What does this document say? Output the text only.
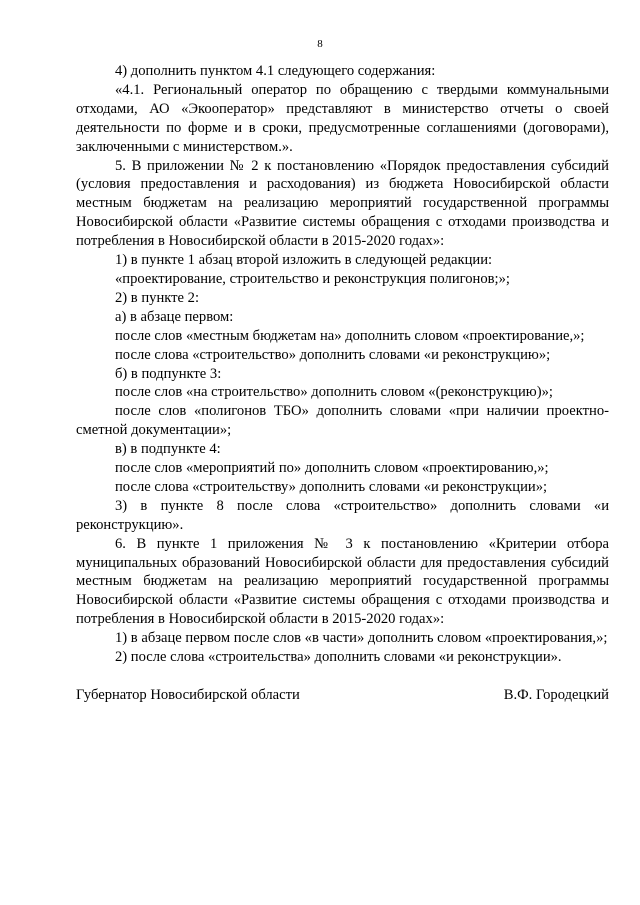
8

4) дополнить пунктом 4.1 следующего содержания:

«4.1. Региональный оператор по обращению с твердыми коммунальными отходами, АО «Экооператор» представляют в министерство отчеты о своей деятельности по форме и в сроки, предусмотренные соглашениями (договорами), заключенными с министерством.».

5. В приложении № 2 к постановлению «Порядок предоставления субсидий (условия предоставления и расходования) из бюджета Новосибирской области местным бюджетам на реализацию мероприятий государственной программы Новосибирской области «Развитие системы обращения с отходами производства и потребления в Новосибирской области в 2015-2020 годах»:

1) в пункте 1 абзац второй изложить в следующей редакции:

«проектирование, строительство и реконструкция полигонов;»;

2) в пункте 2:

а) в абзаце первом:

после слов «местным бюджетам на» дополнить словом «проектирование,»;

после слова «строительство» дополнить словами «и реконструкцию»;

б) в подпункте 3:

после слов «на строительство» дополнить словом «(реконструкцию)»;

после слов «полигонов ТБО» дополнить словами «при наличии проектно-сметной документации»;

в) в подпункте 4:

после слов «мероприятий по» дополнить словом «проектированию,»;

после слова «строительству» дополнить словами «и реконструкции»;

3) в пункте 8 после слова «строительство» дополнить словами «и реконструкцию».

6. В пункте 1 приложения № 3 к постановлению «Критерии отбора муниципальных образований Новосибирской области для предоставления субсидий местным бюджетам на реализацию мероприятий государственной программы Новосибирской области «Развитие системы обращения с отходами производства и потребления в Новосибирской области в 2015-2020 годах»:

1) в абзаце первом после слов «в части» дополнить словом «проектирования,»;

2) после слова «строительства» дополнить словами «и реконструкции».

Губернатор Новосибирской области	В.Ф. Городецкий
